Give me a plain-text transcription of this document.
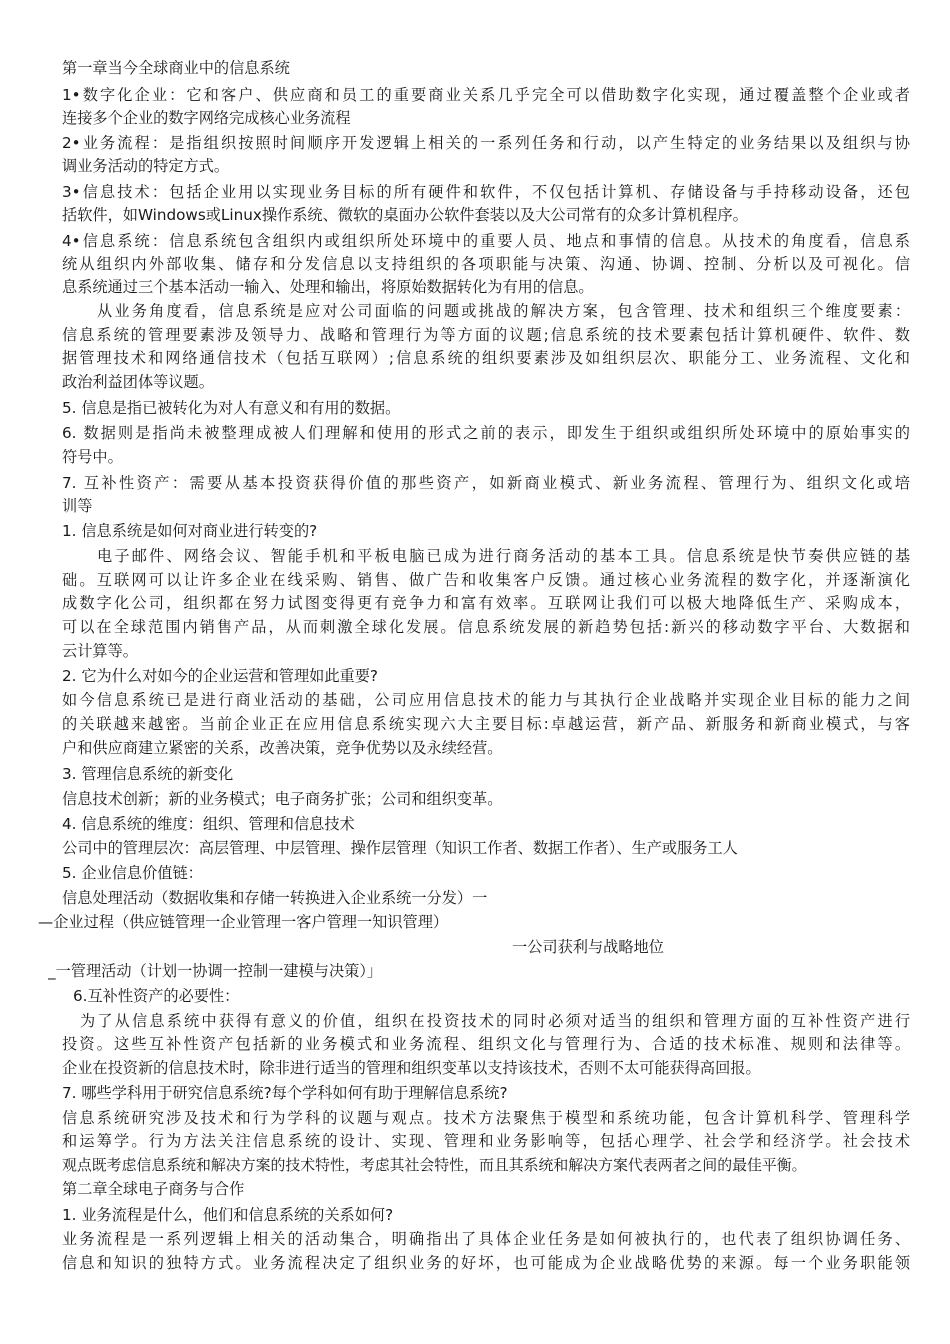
第一章当今全球商业中的信息系统
1•数字化企业：它和客户、供应商和员工的重要商业关系几乎完全可以借助数字化实现，通过覆盖整个企业或者
连接多个企业的数字网络完成核心业务流程
2•业务流程：是指组织按照时间顺序开发逻辑上相关的一系列任务和行动，以产生特定的业务结果以及组织与协
调业务活动的特定方式。
3•信息技术：包括企业用以实现业务目标的所有硬件和软件，不仅包括计算机、存储设备与手持移动设备，还包
括软件，如Windows或Linux操作系统、微软的桌面办公软件套装以及大公司常有的众多计算机程序。
4•信息系统：信息系统包含组织内或组织所处环境中的重要人员、地点和事情的信息。从技术的角度看，信息系
统从组织内外部收集、储存和分发信息以支持组织的各项职能与决策、沟通、协调、控制、分析以及可视化。信
息系统通过三个基本活动一输入、处理和输出，将原始数据转化为有用的信息。
从业务角度看，信息系统是应对公司面临的问题或挑战的解决方案，包含管理、技术和组织三个维度要素：
信息系统的管理要素涉及领导力、战略和管理行为等方面的议题;信息系统的技术要素包括计算机硬件、软件、数
据管理技术和网络通信技术（包括互联网）;信息系统的组织要素涉及如组织层次、职能分工、业务流程、文化和
政治利益团体等议题。
5. 信息是指已被转化为对人有意义和有用的数据。
6. 数据则是指尚未被整理成被人们理解和使用的形式之前的表示，即发生于组织或组织所处环境中的原始事实的
符号中。
7. 互补性资产：需要从基本投资获得价值的那些资产，如新商业模式、新业务流程、管理行为、组织文化或培
训等
1. 信息系统是如何对商业进行转变的?
电子邮件、网络会议、智能手机和平板电脑已成为进行商务活动的基本工具。信息系统是快节奏供应链的基
础。互联网可以让许多企业在线采购、销售、做广告和收集客户反馈。通过核心业务流程的数字化，并逐渐演化
成数字化公司，组织都在努力试图变得更有竞争力和富有效率。互联网让我们可以极大地降低生产、采购成本，
可以在全球范围内销售产品，从而刺激全球化发展。信息系统发展的新趋势包括:新兴的移动数字平台、大数据和
云计算等。
2. 它为什么对如今的企业运营和管理如此重要?
如今信息系统已是进行商业活动的基础，公司应用信息技术的能力与其执行企业战略并实现企业目标的能力之间
的关联越来越密。当前企业正在应用信息系统实现六大主要目标:卓越运营，新产品、新服务和新商业模式，与客
户和供应商建立紧密的关系，改善决策，竞争优势以及永续经营。
3. 管理信息系统的新变化
信息技术创新；新的业务模式；电子商务扩张；公司和组织变革。
4. 信息系统的维度：组织、管理和信息技术
公司中的管理层次：高层管理、中层管理、操作层管理（知识工作者、数据工作者）、生产或服务工人
5. 企业信息价值链：
信息处理活动（数据收集和存储一转换进入企业系统一分发）一
—企业过程（供应链管理一企业管理一客户管理一知识管理）
一公司获利与战略地位
_一管理活动（计划一协调一控制一建模与决策）」
6.互补性资产的必要性：
为了从信息系统中获得有意义的价值，组织在投资技术的同时必须对适当的组织和管理方面的互补性资产进行
投资。这些互补性资产包括新的业务模式和业务流程、组织文化与管理行为、合适的技术标准、规则和法律等。
企业在投资新的信息技术时，除非进行适当的管理和组织变革以支持该技术，否则不太可能获得高回报。
7. 哪些学科用于研究信息系统?每个学科如何有助于理解信息系统?
信息系统研究涉及技术和行为学科的议题与观点。技术方法聚焦于模型和系统功能，包含计算机科学、管理科学
和运筹学。行为方法关注信息系统的设计、实现、管理和业务影响等，包括心理学、社会学和经济学。社会技术
观点既考虑信息系统和解决方案的技术特性，考虑其社会特性，而且其系统和解决方案代表两者之间的最佳平衡。
第二章全球电子商务与合作
1. 业务流程是什么，他们和信息系统的关系如何?
业务流程是一系列逻辑上相关的活动集合，明确指出了具体企业任务是如何被执行的，也代表了组织协调任务、
信息和知识的独特方式。业务流程决定了组织业务的好坏，也可能成为企业战略优势的来源。每一个业务职能领
